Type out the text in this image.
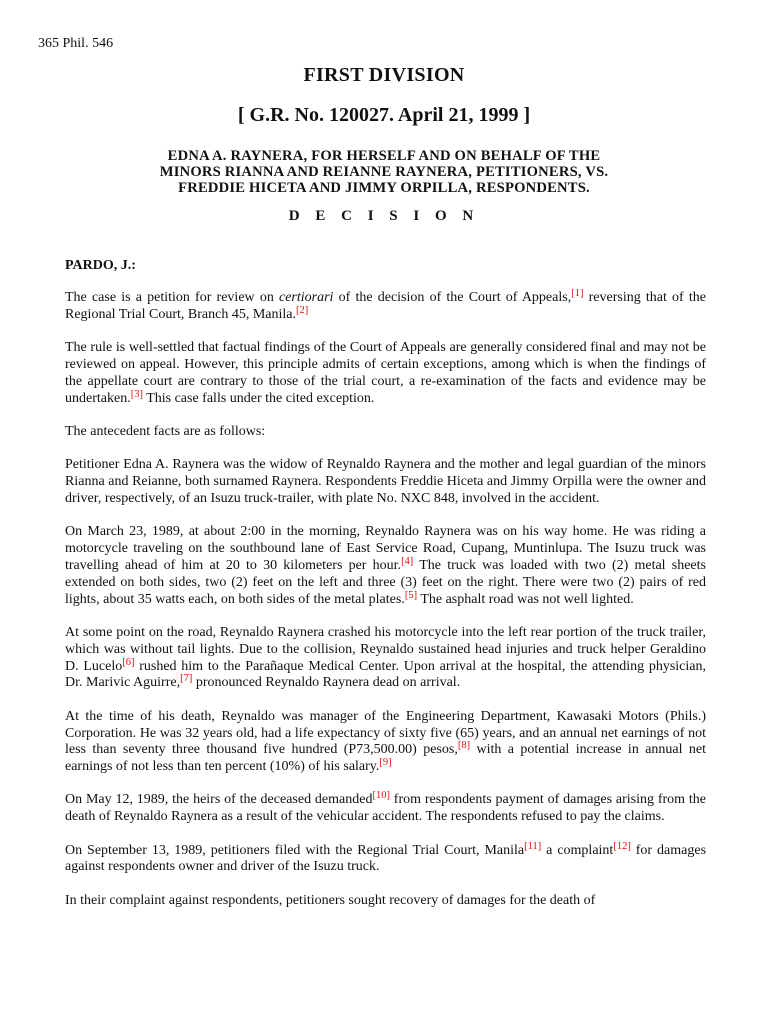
365 Phil. 546
FIRST DIVISION
[ G.R. No. 120027. April 21, 1999 ]
EDNA A. RAYNERA, FOR HERSELF AND ON BEHALF OF THE
MINORS RIANNA AND REIANNE RAYNERA, PETITIONERS, VS.
FREDDIE HICETA AND JIMMY ORPILLA, RESPONDENTS.
D E C I S I O N
PARDO, J.:

The case is a petition for review on certiorari of the decision of the Court of Appeals,[1] reversing that of the Regional Trial Court, Branch 45, Manila.[2]

The rule is well-settled that factual findings of the Court of Appeals are generally considered final and may not be reviewed on appeal. However, this principle admits of certain exceptions, among which is when the findings of the appellate court are contrary to those of the trial court, a re-examination of the facts and evidence may be undertaken.[3] This case falls under the cited exception.

The antecedent facts are as follows:

Petitioner Edna A. Raynera was the widow of Reynaldo Raynera and the mother and legal guardian of the minors Rianna and Reianne, both surnamed Raynera. Respondents Freddie Hiceta and Jimmy Orpilla were the owner and driver, respectively, of an Isuzu truck-trailer, with plate No. NXC 848, involved in the accident.

On March 23, 1989, at about 2:00 in the morning, Reynaldo Raynera was on his way home. He was riding a motorcycle traveling on the southbound lane of East Service Road, Cupang, Muntinlupa. The Isuzu truck was travelling ahead of him at 20 to 30 kilometers per hour.[4] The truck was loaded with two (2) metal sheets extended on both sides, two (2) feet on the left and three (3) feet on the right. There were two (2) pairs of red lights, about 35 watts each, on both sides of the metal plates.[5] The asphalt road was not well lighted.

At some point on the road, Reynaldo Raynera crashed his motorcycle into the left rear portion of the truck trailer, which was without tail lights. Due to the collision, Reynaldo sustained head injuries and truck helper Geraldino D. Lucelo[6] rushed him to the Parañaque Medical Center. Upon arrival at the hospital, the attending physician, Dr. Marivic Aguirre,[7] pronounced Reynaldo Raynera dead on arrival.

At the time of his death, Reynaldo was manager of the Engineering Department, Kawasaki Motors (Phils.) Corporation. He was 32 years old, had a life expectancy of sixty five (65) years, and an annual net earnings of not less than seventy three thousand five hundred (P73,500.00) pesos,[8] with a potential increase in annual net earnings of not less than ten percent (10%) of his salary.[9]

On May 12, 1989, the heirs of the deceased demanded[10] from respondents payment of damages arising from the death of Reynaldo Raynera as a result of the vehicular accident. The respondents refused to pay the claims.

On September 13, 1989, petitioners filed with the Regional Trial Court, Manila[11] a complaint[12] for damages against respondents owner and driver of the Isuzu truck.

In their complaint against respondents, petitioners sought recovery of damages for the death of
